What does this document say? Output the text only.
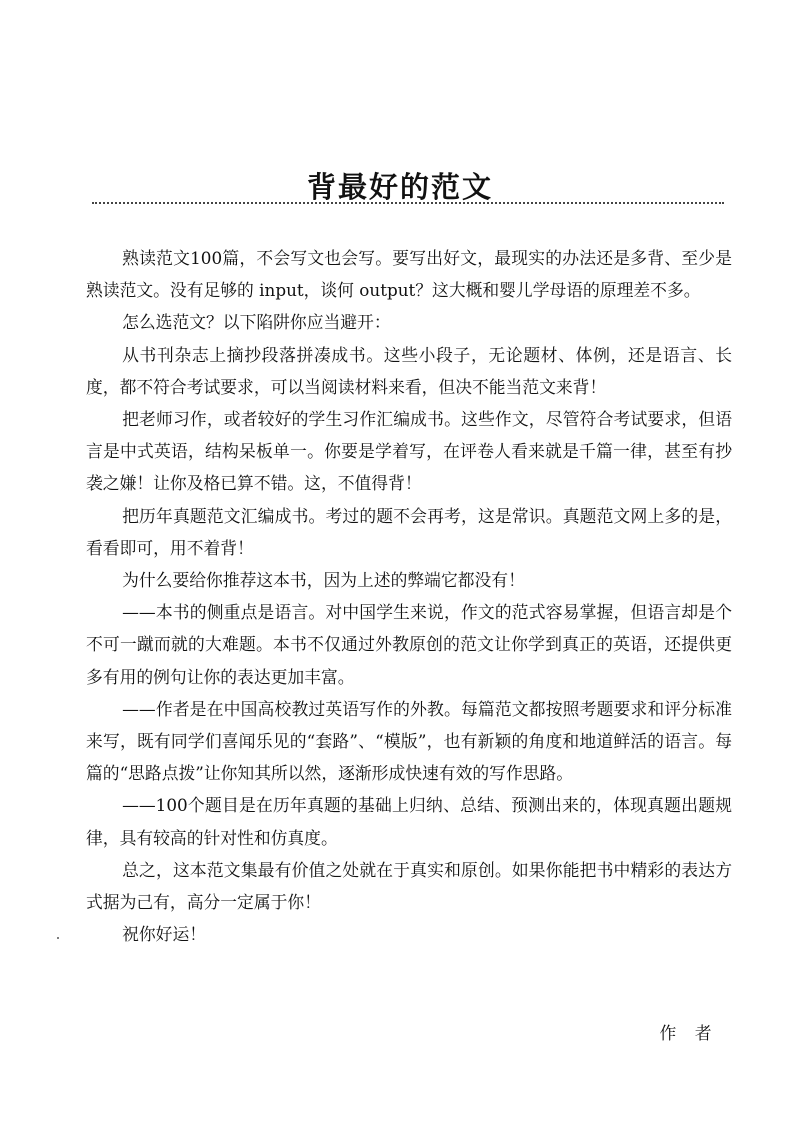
背最好的范文

熟读范文100篇，不会写文也会写。要写出好文，最现实的办法还是多背、至少是熟读范文。没有足够的 input，谈何 output？这大概和婴儿学母语的原理差不多。

怎么选范文？以下陷阱你应当避开：

从书刊杂志上摘抄段落拼凑成书。这些小段子，无论题材、体例，还是语言、长度，都不符合考试要求，可以当阅读材料来看，但决不能当范文来背！

把老师习作，或者较好的学生习作汇编成书。这些作文，尽管符合考试要求，但语言是中式英语，结构呆板单一。你要是学着写，在评卷人看来就是千篇一律，甚至有抄袭之嫌！让你及格已算不错。这，不值得背！

把历年真题范文汇编成书。考过的题不会再考，这是常识。真题范文网上多的是，看看即可，用不着背！

为什么要给你推荐这本书，因为上述的弊端它都没有！

——本书的侧重点是语言。对中国学生来说，作文的范式容易掌握，但语言却是个不可一蹴而就的大难题。本书不仅通过外教原创的范文让你学到真正的英语，还提供更多有用的例句让你的表达更加丰富。

——作者是在中国高校教过英语写作的外教。每篇范文都按照考题要求和评分标准来写，既有同学们喜闻乐见的“套路”、“模版”，也有新颖的角度和地道鲜活的语言。每篇的“思路点拨”让你知其所以然，逐渐形成快速有效的写作思路。

——100个题目是在历年真题的基础上归纳、总结、预测出来的，体现真题出题规律，具有较高的针对性和仿真度。

总之，这本范文集最有价值之处就在于真实和原创。如果你能把书中精彩的表达方式据为己有，高分一定属于你！

祝你好运！

作者
